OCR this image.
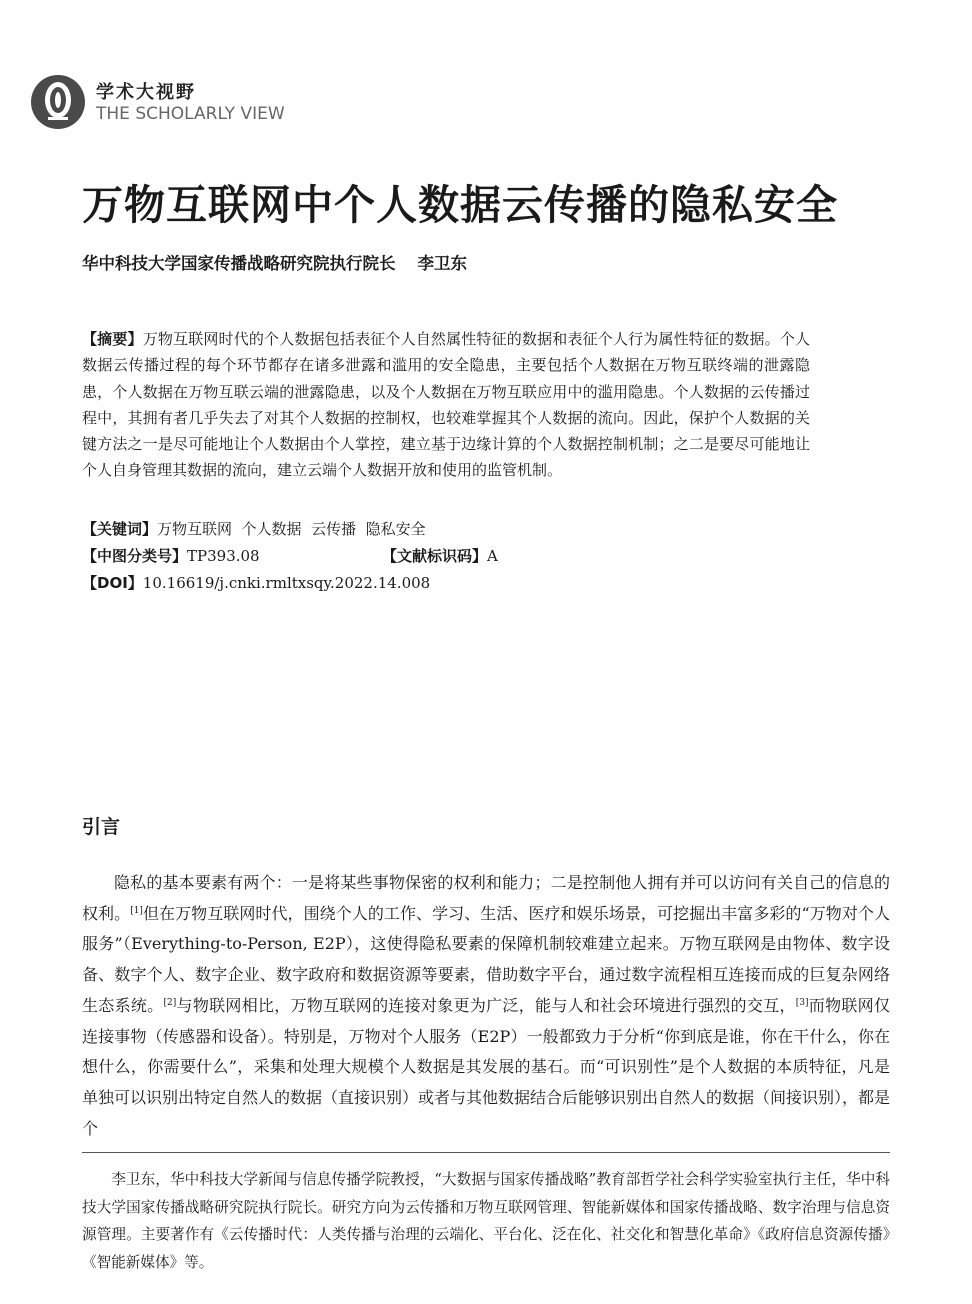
学术大视野
THE SCHOLARLY VIEW
万物互联网中个人数据云传播的隐私安全
华中科技大学国家传播战略研究院执行院长 李卫东
【摘要】万物互联网时代的个人数据包括表征个人自然属性特征的数据和表征个人行为属性特征的数据。个人数据云传播过程的每个环节都存在诸多泄露和滥用的安全隐患，主要包括个人数据在万物互联终端的泄露隐患，个人数据在万物互联云端的泄露隐患，以及个人数据在万物互联应用中的滥用隐患。个人数据的云传播过程中，其拥有者几乎失去了对其个人数据的控制权，也较难掌握其个人数据的流向。因此，保护个人数据的关键方法之一是尽可能地让个人数据由个人掌控，建立基于边缘计算的个人数据控制机制；之二是要尽可能地让个人自身管理其数据的流向，建立云端个人数据开放和使用的监管机制。
【关键词】万物互联网  个人数据  云传播  隐私安全
【中图分类号】TP393.08	【文献标识码】A
【DOI】10.16619/j.cnki.rmltxsqy.2022.14.008
引言
隐私的基本要素有两个：一是将某些事物保密的权利和能力；二是控制他人拥有并可以访问有关自己的信息的权利。[1]但在万物互联网时代，围绕个人的工作、学习、生活、医疗和娱乐场景，可挖掘出丰富多彩的“万物对个人服务”（Everything-to-Person, E2P），这使得隐私要素的保障机制较难建立起来。万物互联网是由物体、数字设备、数字个人、数字企业、数字政府和数据资源等要素，借助数字平台，通过数字流程相互连接而成的巨复杂网络生态系统。[2]与物联网相比，万物互联网的连接对象更为广泛，能与人和社会环境进行强烈的交互，[3]而物联网仅连接事物（传感器和设备）。特别是，万物对个人服务（E2P）一般都致力于分析“你到底是谁，你在干什么，你在想什么，你需要什么”，采集和处理大规模个人数据是其发展的基石。而“可识别性”是个人数据的本质特征，凡是单独可以识别出特定自然人的数据（直接识别）或者与其他数据结合后能够识别出自然人的数据（间接识别），都是个
李卫东，华中科技大学新闻与信息传播学院教授，“大数据与国家传播战略”教育部哲学社会科学实验室执行主任，华中科技大学国家传播战略研究院执行院长。研究方向为云传播和万物互联网管理、智能新媒体和国家传播战略、数字治理与信息资源管理。主要著作有《云传播时代：人类传播与治理的云端化、平台化、泛在化、社交化和智慧化革命》《政府信息资源传播》《智能新媒体》等。
